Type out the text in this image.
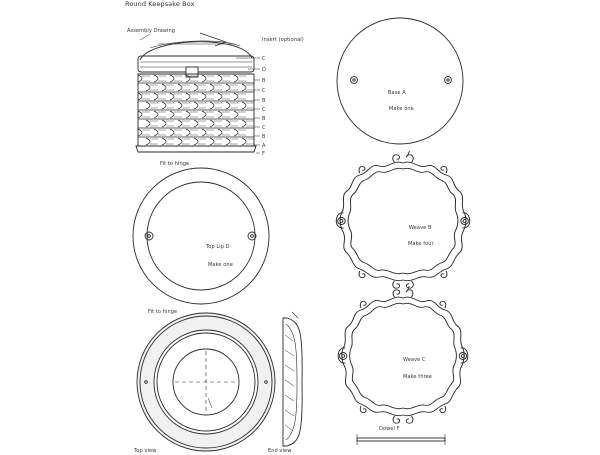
Round Keepsake Box
Assembly Drawing
Insert (optional)
Base A
Make one
Fit to hinge
Top Lip D
Make one
Weave B
Make four
Fit to hinge
Weave C
Make three
Dowel F
Top view	End view
C
D
B
C
B
C
B
C
B
A
F
